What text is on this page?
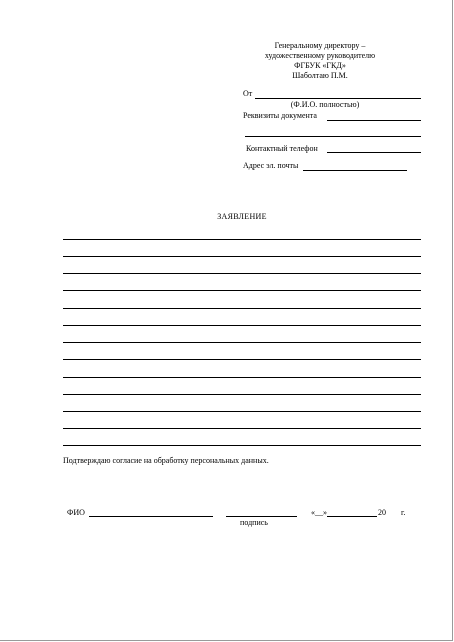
Генеральному директору –
художественному руководителю
ФГБУК «ГКД»
Шаболтаю П.М.
От
(Ф.И.О. полностью)
Реквизиты документа
Контактный телефон
Адрес эл. почты
ЗАЯВЛЕНИЕ
Подтверждаю согласие на обработку персональных данных.
ФИО
подпись
«__»	20 г.
